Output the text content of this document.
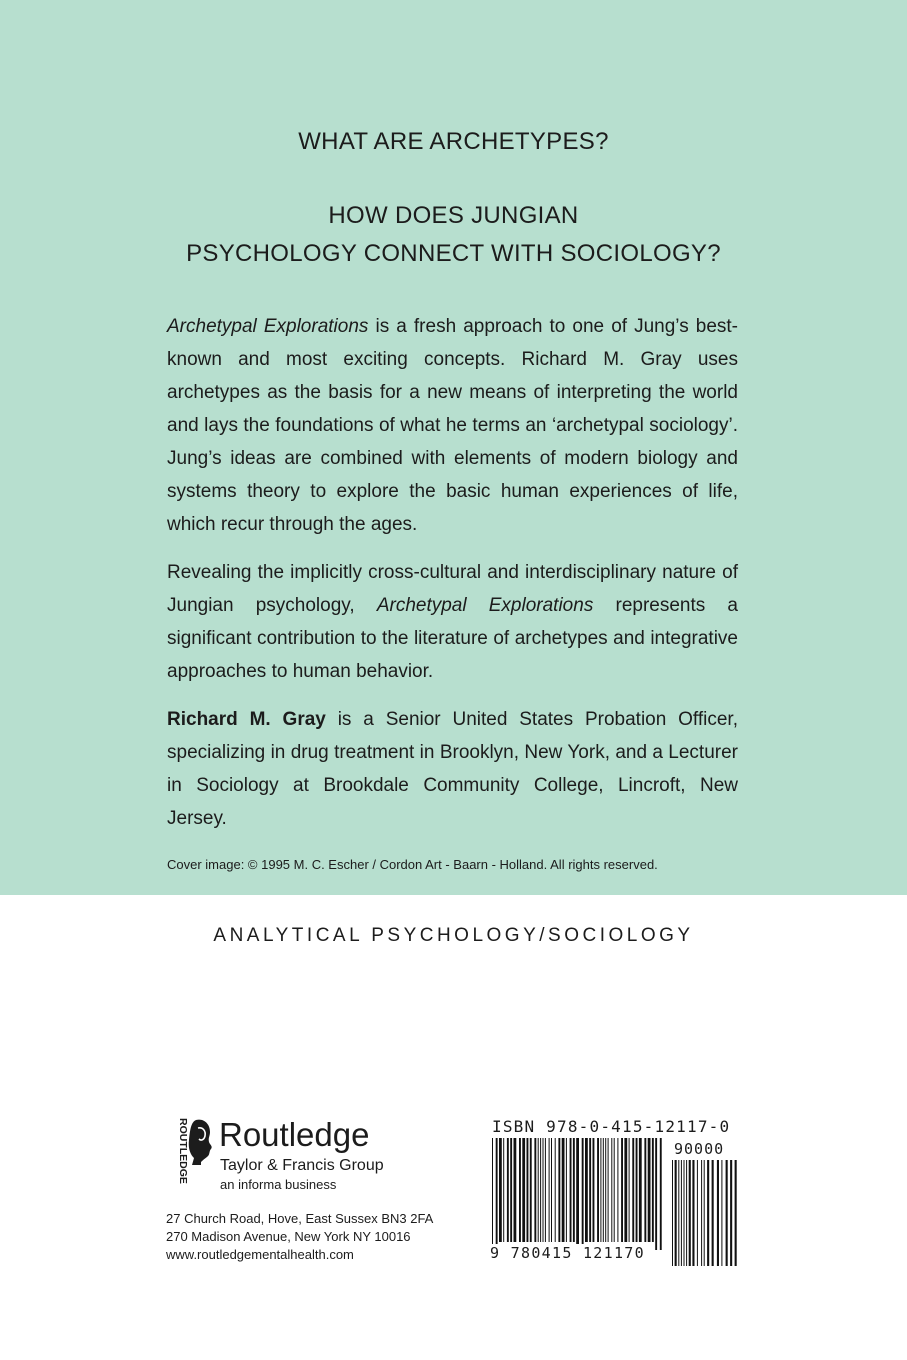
WHAT ARE ARCHETYPES?
HOW DOES JUNGIAN
PSYCHOLOGY CONNECT WITH SOCIOLOGY?

Archetypal Explorations is a fresh approach to one of Jung’s best-known and most exciting concepts. Richard M. Gray uses archetypes as the basis for a new means of interpreting the world and lays the foundations of what he terms an ‘archetypal sociology’. Jung’s ideas are combined with elements of modern biology and systems theory to explore the basic human experiences of life, which recur through the ages.

Revealing the implicitly cross-cultural and interdisciplinary nature of Jungian psychology, Archetypal Explorations represents a significant contribution to the literature of archetypes and integrative approaches to human behavior.

Richard M. Gray is a Senior United States Probation Officer, specializing in drug treatment in Brooklyn, New York, and a Lecturer in Sociology at Brookdale Community College, Lincroft, New Jersey.

Cover image: © 1995 M. C. Escher / Cordon Art - Baarn - Holland. All rights reserved.
ANALYTICAL PSYCHOLOGY/SOCIOLOGY
ROUTLEDGE Routledge
Taylor & Francis Group
an informa business
27 Church Road, Hove, East Sussex BN3 2FA
270 Madison Avenue, New York NY 10016
www.routledgementalhealth.com
ISBN 978-0-415-12117-0
90000
9 780415 121170
